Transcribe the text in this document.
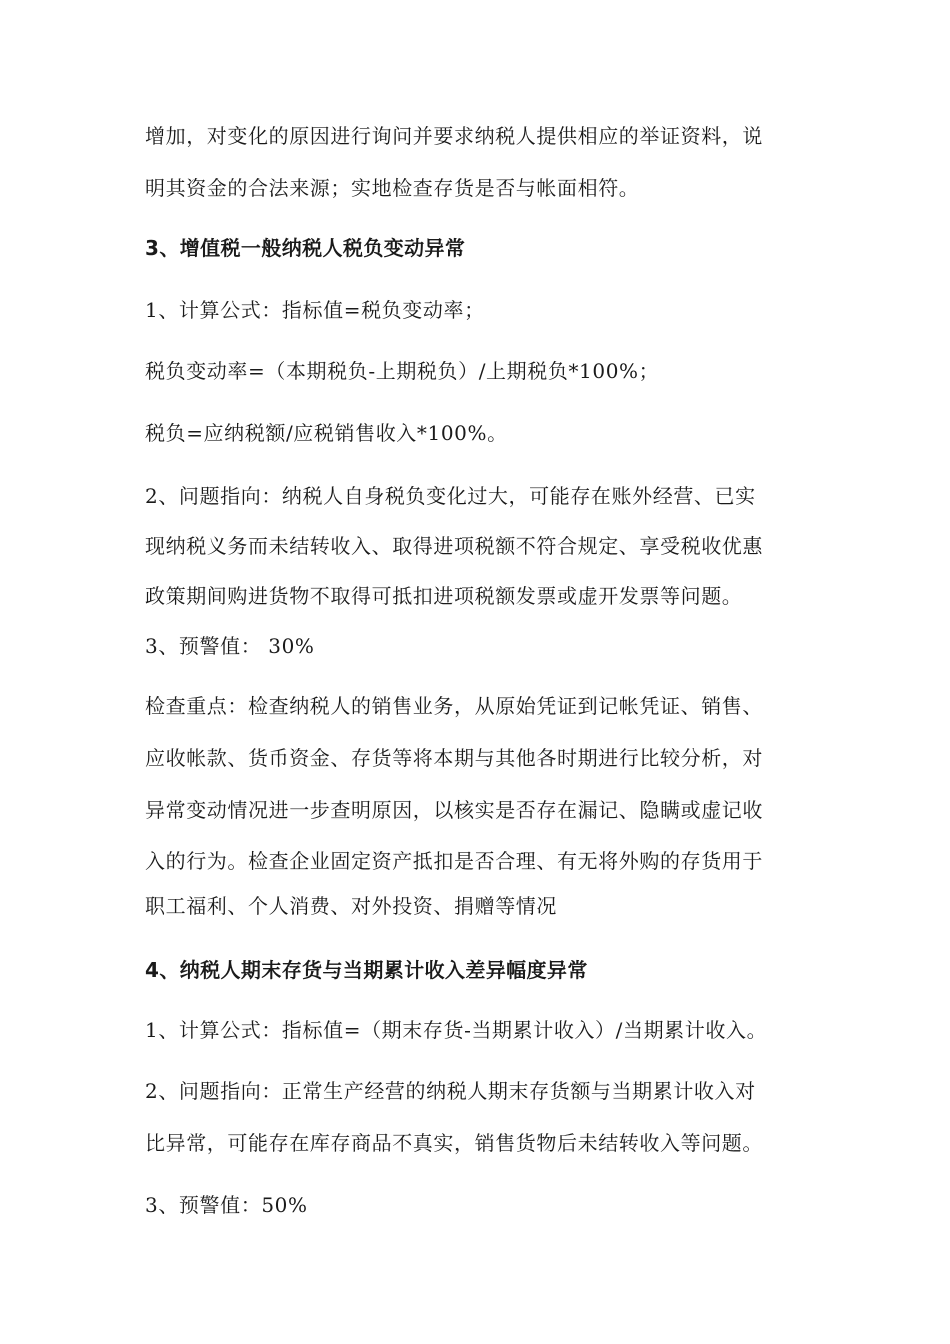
增加，对变化的原因进行询问并要求纳税人提供相应的举证资料，说
明其资金的合法来源；实地检查存货是否与帐面相符。
3、增值税一般纳税人税负变动异常
1、计算公式：指标值=税负变动率；
税负变动率=（本期税负-上期税负）/上期税负*100%；
税负=应纳税额/应税销售收入*100%。
2、问题指向：纳税人自身税负变化过大，可能存在账外经营、已实
现纳税义务而未结转收入、取得进项税额不符合规定、享受税收优惠
政策期间购进货物不取得可抵扣进项税额发票或虚开发票等问题。
3、预警值： 30%
检查重点：检查纳税人的销售业务，从原始凭证到记帐凭证、销售、
应收帐款、货币资金、存货等将本期与其他各时期进行比较分析，对
异常变动情况进一步查明原因，以核实是否存在漏记、隐瞒或虚记收
入的行为。检查企业固定资产抵扣是否合理、有无将外购的存货用于
职工福利、个人消费、对外投资、捐赠等情况
4、纳税人期末存货与当期累计收入差异幅度异常
1、计算公式：指标值=（期末存货-当期累计收入）/当期累计收入。
2、问题指向：正常生产经营的纳税人期末存货额与当期累计收入对
比异常，可能存在库存商品不真实，销售货物后未结转收入等问题。
3、预警值：50%
